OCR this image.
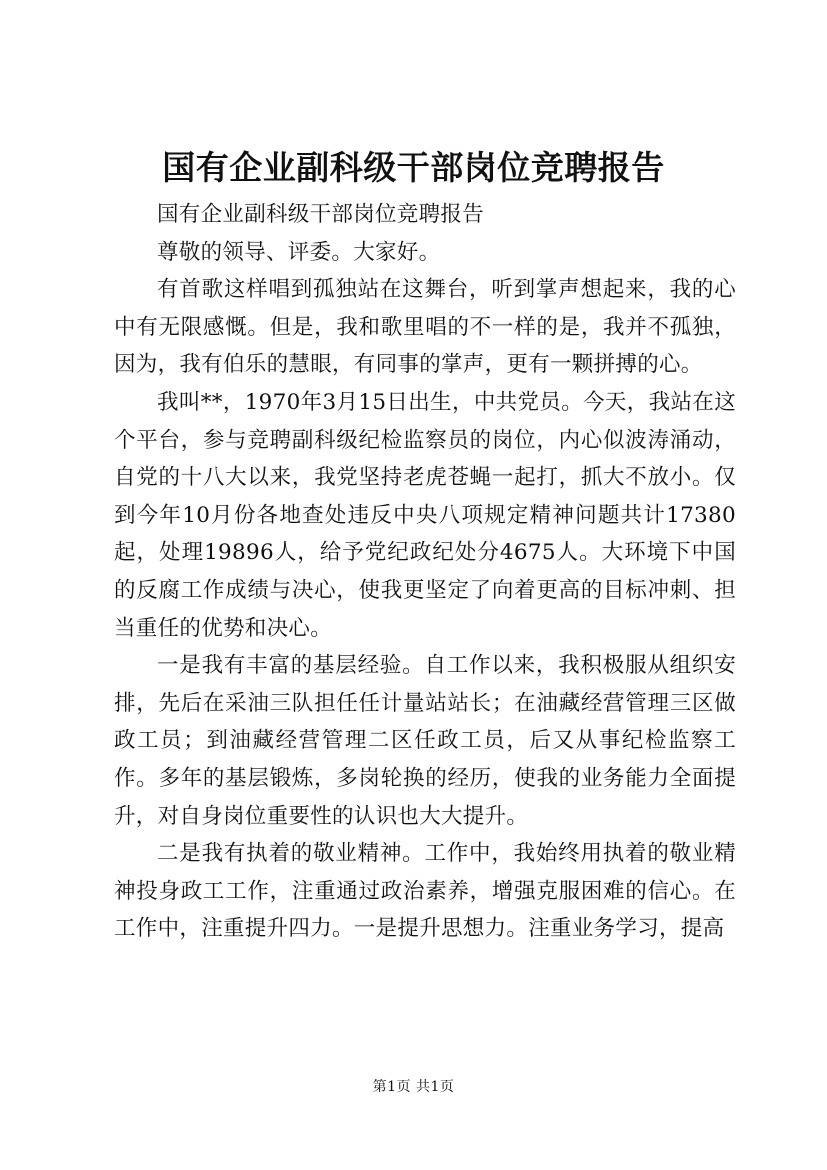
国有企业副科级干部岗位竞聘报告

国有企业副科级干部岗位竞聘报告

尊敬的领导、评委。大家好。

有首歌这样唱到孤独站在这舞台，听到掌声想起来，我的心中有无限感慨。但是，我和歌里唱的不一样的是，我并不孤独，因为，我有伯乐的慧眼，有同事的掌声，更有一颗拼搏的心。

我叫**，1970年3月15日出生，中共党员。今天，我站在这个平台，参与竞聘副科级纪检监察员的岗位，内心似波涛涌动，自党的十八大以来，我党坚持老虎苍蝇一起打，抓大不放小。仅到今年10月份各地查处违反中央八项规定精神问题共计17380起，处理19896人，给予党纪政纪处分4675人。大环境下中国的反腐工作成绩与决心，使我更坚定了向着更高的目标冲刺、担当重任的优势和决心。

一是我有丰富的基层经验。自工作以来，我积极服从组织安排，先后在采油三队担任任计量站站长；在油藏经营管理三区做政工员；到油藏经营管理二区任政工员，后又从事纪检监察工作。多年的基层锻炼，多岗轮换的经历，使我的业务能力全面提升，对自身岗位重要性的认识也大大提升。

二是我有执着的敬业精神。工作中，我始终用执着的敬业精神投身政工工作，注重通过政治素养，增强克服困难的信心。在工作中，注重提升四力。一是提升思想力。注重业务学习，提高

第1页 共1页
